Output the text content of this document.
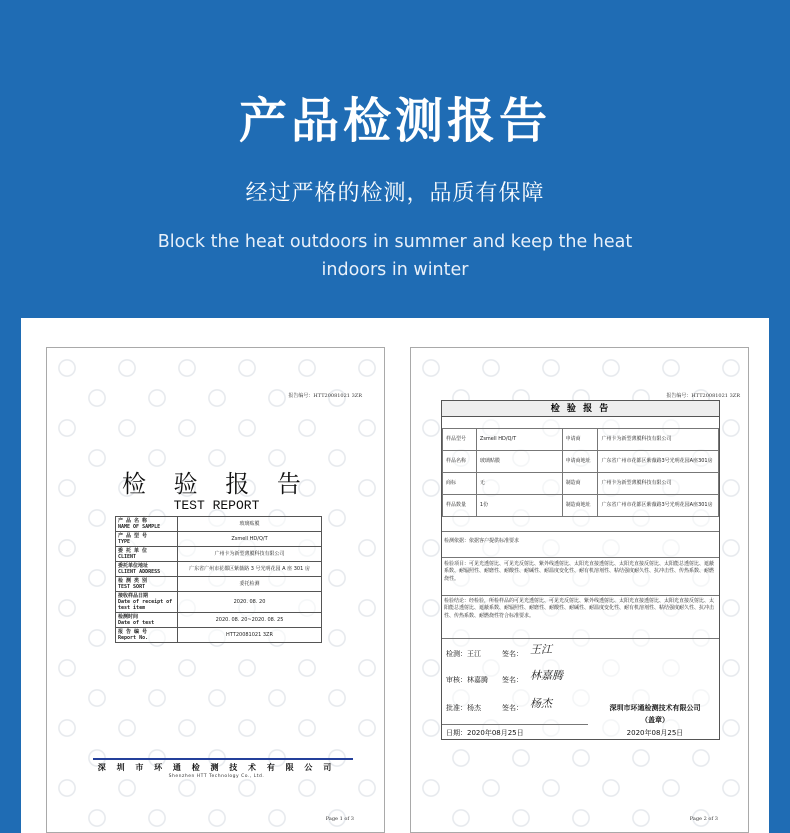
产品检测报告
经过严格的检测，品质有保障
Block the heat outdoors in summer and keep the heat indoors in winter
报告编号：HTT20081021 3ZR
检 验 报 告
TEST REPORT
产 品 名 称
NAME OF SAMPLE	玻璃贴膜
产 品 型 号
TYPE	Zsmell HD/Q/T
委 托 单 位
CLIENT	广州卡为新型薄膜科技有限公司
委托单位地址
CLIENT ADDRESS	广东省广州市花都区紫薇路 3 号光明花园 A 座 301 房
检 测 类 别
TEST SORT	委托检测
接收样品日期
Date of receipt of test item	2020. 08. 20
检测时间
Date of test	2020. 08. 20~2020. 08. 25
报 告 编 号
Report No.	HTT20081021 3ZR
深 圳 市 环 通 检 测 技 术 有 限 公 司
Shenzhen HTT Technology Co., Ltd.
Page 1 of 3
报告编号：HTT20081021 3ZR
检 验 报 告
样品型号	Zsmell HD/Q/T	申请商	广州卡为新型薄膜科技有限公司
样品名称	玻璃贴膜	申请商地址	广东省广州市花都区紫薇路3号光明花园A座301房
商标	无	制造商	广州卡为新型薄膜科技有限公司
样品数量	1份	制造商地址	广东省广州市花都区紫薇路3号光明花园A座301房
检测依据：依据客户提供标准要求
检验项目：可见光透射比、可见光反射比、紫外线透射比、太阳光直接透射比、太阳光直接反射比、太阳能总透射比、遮蔽系数、耐辐照性、耐磨性、耐酸性、耐碱性、耐温度变化性、耐有机溶剂性、粘结强度耐久性、抗冲击性、传热系数、耐燃烧性。
检验结论：经检验，所检样品的可见光透射比、可见光反射比、紫外线透射比、太阳光直接透射比、太阳光直接反射比、太阳能总透射比、遮蔽系数、耐辐照性、耐磨性、耐酸性、耐碱性、耐温度变化性、耐有机溶剂性、粘结强度耐久性、抗冲击性、传热系数、耐燃烧性符合标准要求。
检测：王江	签名： 王江
审核：林嘉腾 签名： 林嘉腾
批准：杨杰	签名： 杨杰	深圳市环通检测技术有限公司
（盖章）
日期：2020年08月25日	2020年08月25日
Page 2 of 3
